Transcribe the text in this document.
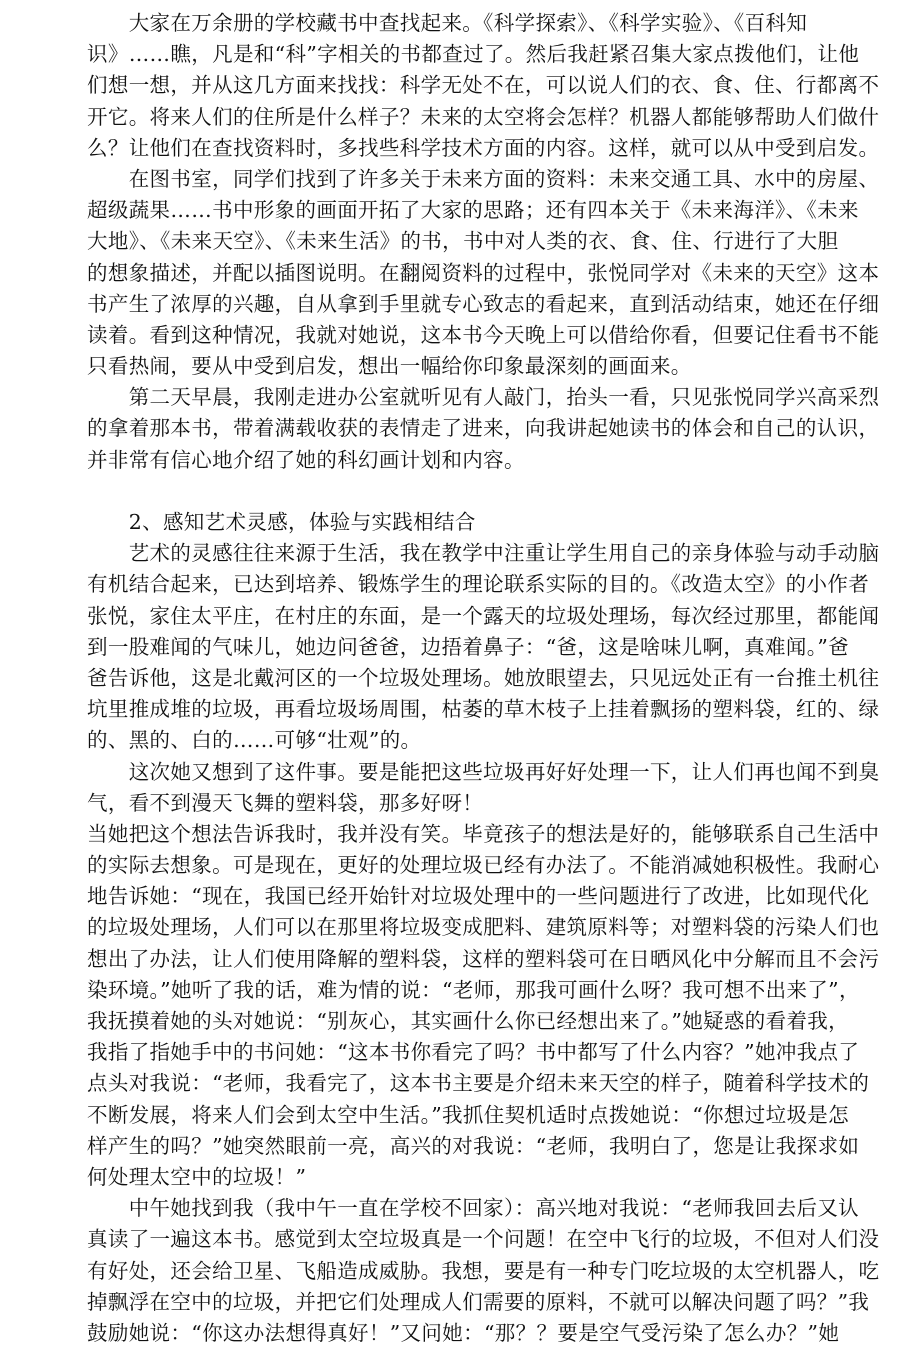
　　大家在万余册的学校藏书中查找起来。《科学探索》、《科学实验》、《百科知

识》……瞧，凡是和“科”字相关的书都查过了。然后我赶紧召集大家点拨他们，让他

们想一想，并从这几方面来找找：科学无处不在，可以说人们的衣、食、住、行都离不

开它。将来人们的住所是什么样子？未来的太空将会怎样？机器人都能够帮助人们做什

么？让他们在查找资料时，多找些科学技术方面的内容。这样，就可以从中受到启发。

　　在图书室，同学们找到了许多关于未来方面的资料：未来交通工具、水中的房屋、

超级蔬果……书中形象的画面开拓了大家的思路；还有四本关于《未来海洋》、《未来

大地》、《未来天空》、《未来生活》的书，书中对人类的衣、食、住、行进行了大胆

的想象描述，并配以插图说明。在翻阅资料的过程中，张悦同学对《未来的天空》这本

书产生了浓厚的兴趣，自从拿到手里就专心致志的看起来，直到活动结束，她还在仔细

读着。看到这种情况，我就对她说，这本书今天晚上可以借给你看，但要记住看书不能

只看热闹，要从中受到启发，想出一幅给你印象最深刻的画面来。

　　第二天早晨，我刚走进办公室就听见有人敲门，抬头一看，只见张悦同学兴高采烈

的拿着那本书，带着满载收获的表情走了进来，向我讲起她读书的体会和自己的认识，

并非常有信心地介绍了她的科幻画计划和内容。

　　2、感知艺术灵感，体验与实践相结合

　　艺术的灵感往往来源于生活，我在教学中注重让学生用自己的亲身体验与动手动脑

有机结合起来，已达到培养、锻炼学生的理论联系实际的目的。《改造太空》的小作者

张悦，家住太平庄，在村庄的东面，是一个露天的垃圾处理场，每次经过那里，都能闻

到一股难闻的气味儿，她边问爸爸，边捂着鼻子：“爸，这是啥味儿啊，真难闻。”爸

爸告诉他，这是北戴河区的一个垃圾处理场。她放眼望去，只见远处正有一台推土机往

坑里推成堆的垃圾，再看垃圾场周围，枯萎的草木枝子上挂着飘扬的塑料袋，红的、绿

的、黑的、白的……可够“壮观”的。

　　这次她又想到了这件事。要是能把这些垃圾再好好处理一下，让人们再也闻不到臭

气，看不到漫天飞舞的塑料袋，那多好呀！

当她把这个想法告诉我时，我并没有笑。毕竟孩子的想法是好的，能够联系自己生活中

的实际去想象。可是现在，更好的处理垃圾已经有办法了。不能消减她积极性。我耐心

地告诉她：“现在，我国已经开始针对垃圾处理中的一些问题进行了改进，比如现代化

的垃圾处理场，人们可以在那里将垃圾变成肥料、建筑原料等；对塑料袋的污染人们也

想出了办法，让人们使用降解的塑料袋，这样的塑料袋可在日晒风化中分解而且不会污

染环境。”她听了我的话，难为情的说：“老师，那我可画什么呀？我可想不出来了”，

我抚摸着她的头对她说：“别灰心，其实画什么你已经想出来了。”她疑惑的看着我，

我指了指她手中的书问她：“这本书你看完了吗？书中都写了什么内容？”她冲我点了

点头对我说：“老师，我看完了，这本书主要是介绍未来天空的样子，随着科学技术的

不断发展，将来人们会到太空中生活。”我抓住契机适时点拨她说：“你想过垃圾是怎

样产生的吗？”她突然眼前一亮，高兴的对我说：“老师，我明白了，您是让我探求如

何处理太空中的垃圾！”

　　中午她找到我（我中午一直在学校不回家）：高兴地对我说：“老师我回去后又认

真读了一遍这本书。感觉到太空垃圾真是一个问题！在空中飞行的垃圾，不但对人们没

有好处，还会给卫星、飞船造成威胁。我想，要是有一种专门吃垃圾的太空机器人，吃

掉飘浮在空中的垃圾，并把它们处理成人们需要的原料，不就可以解决问题了吗？”我

鼓励她说：“你这办法想得真好！”又问她：“那？？要是空气受污染了怎么办？”她
